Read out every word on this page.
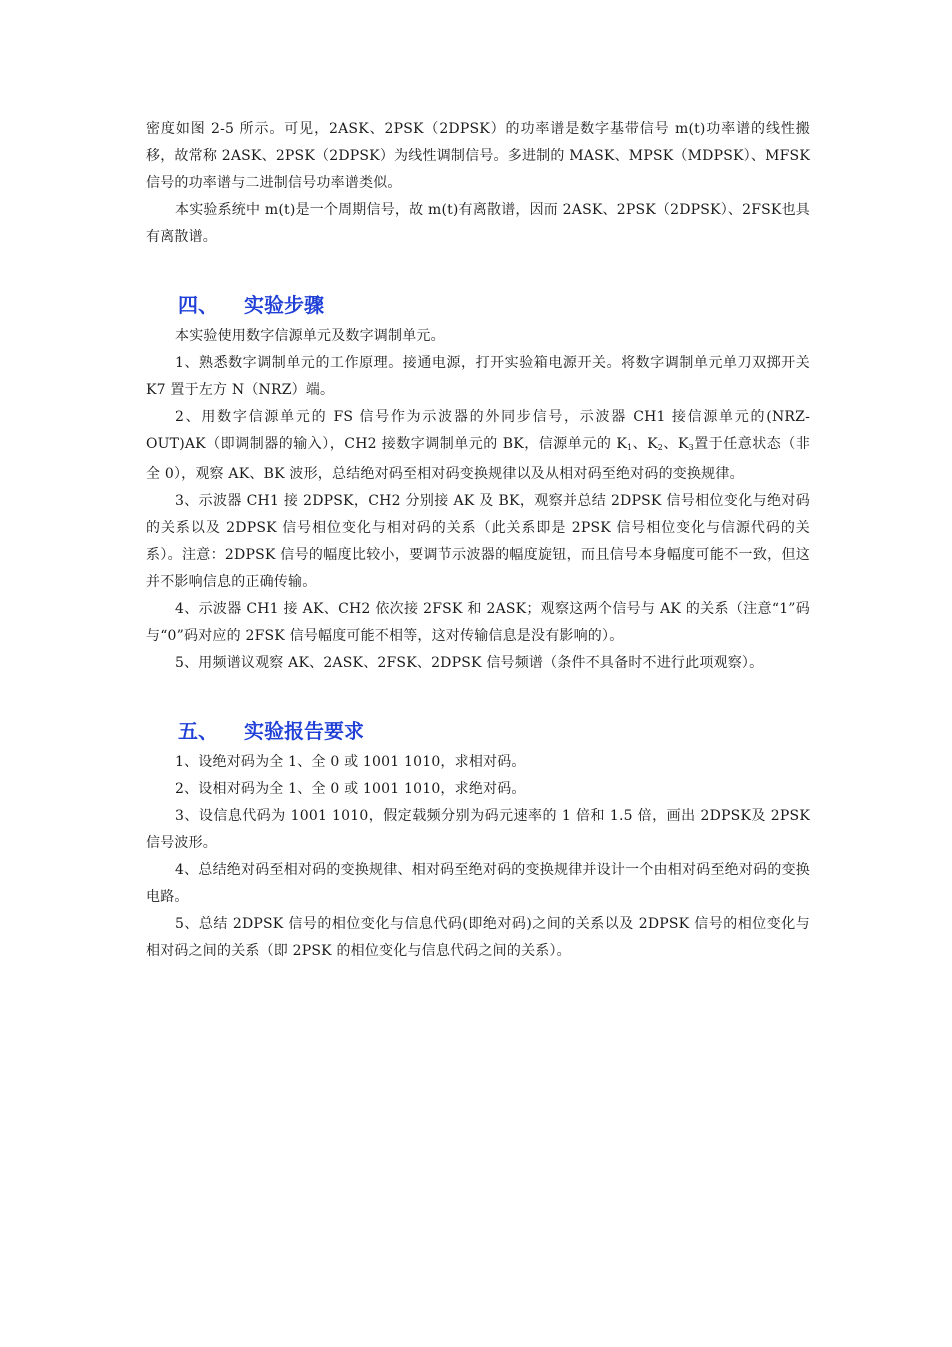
密度如图 2-5 所示。可见，2ASK、2PSK（2DPSK）的功率谱是数字基带信号 m(t)功率谱的线性搬移，故常称 2ASK、2PSK（2DPSK）为线性调制信号。多进制的 MASK、MPSK（MDPSK）、MFSK信号的功率谱与二进制信号功率谱类似。

本实验系统中 m(t)是一个周期信号，故 m(t)有离散谱，因而 2ASK、2PSK（2DPSK）、2FSK也具有离散谱。

四、 实验步骤

本实验使用数字信源单元及数字调制单元。

1、熟悉数字调制单元的工作原理。接通电源，打开实验箱电源开关。将数字调制单元单刀双掷开关 K7 置于左方 N（NRZ）端。

2、用数字信源单元的 FS 信号作为示波器的外同步信号，示波器 CH1 接信源单元的(NRZ-OUT)AK（即调制器的输入），CH2 接数字调制单元的 BK，信源单元的 $K_1$、$K_2$、$K_3$置于任意状态（非全 0），观察 AK、BK 波形，总结绝对码至相对码变换规律以及从相对码至绝对码的变换规律。

3、示波器 CH1 接 2DPSK，CH2 分别接 AK 及 BK，观察并总结 2DPSK 信号相位变化与绝对码的关系以及 2DPSK 信号相位变化与相对码的关系（此关系即是 2PSK 信号相位变化与信源代码的关系）。注意：2DPSK 信号的幅度比较小，要调节示波器的幅度旋钮，而且信号本身幅度可能不一致，但这并不影响信息的正确传输。

4、示波器 CH1 接 AK、CH2 依次接 2FSK 和 2ASK；观察这两个信号与 AK 的关系（注意“1”码与“0”码对应的 2FSK 信号幅度可能不相等，这对传输信息是没有影响的）。

5、用频谱议观察 AK、2ASK、2FSK、2DPSK 信号频谱（条件不具备时不进行此项观察）。

五、 实验报告要求

1、设绝对码为全 1、全 0 或 1001 1010，求相对码。

2、设相对码为全 1、全 0 或 1001 1010，求绝对码。

3、设信息代码为 1001 1010，假定载频分别为码元速率的 1 倍和 1.5 倍，画出 2DPSK及 2PSK 信号波形。

4、总结绝对码至相对码的变换规律、相对码至绝对码的变换规律并设计一个由相对码至绝对码的变换电路。

5、总结 2DPSK 信号的相位变化与信息代码(即绝对码)之间的关系以及 2DPSK 信号的相位变化与相对码之间的关系（即 2PSK 的相位变化与信息代码之间的关系）。
